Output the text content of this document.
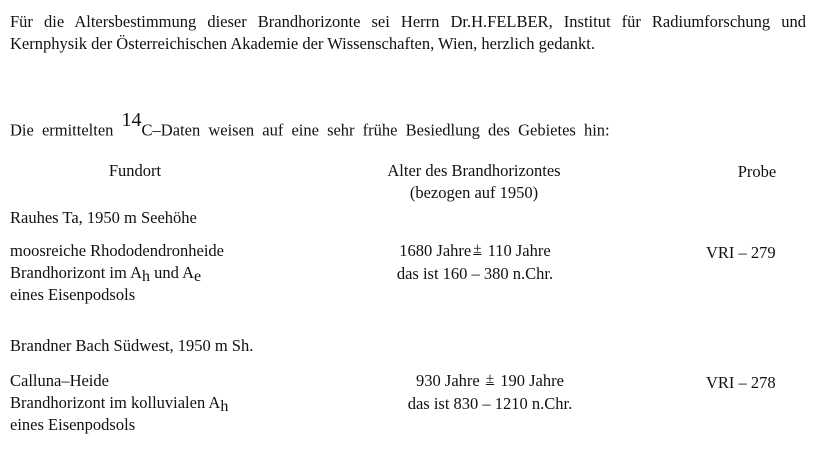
Für die Altersbestimmung dieser Brandhorizonte sei Herrn Dr.H.FELBER, Institut für Radiumforschung und Kernphysik der Österreichischen Akademie der Wissenschaften, Wien, herzlich gedankt.

Die ermittelten $^{14}$C–Daten weisen auf eine sehr frühe Besiedlung des Gebietes hin:
Fundort	Alter des Brandhorizontes
(bezogen auf 1950)
Probe
Rauhes Ta, 1950 m Seehöhe
moosreiche Rhododendronheide
Brandhorizont im $A_h$ und $A_e$
eines Eisenpodsols
1680 Jahre ± 110 Jahre
das ist 160 – 380 n.Chr.
VRI – 279
Brandner Bach Südwest, 1950 m Sh.
Calluna–Heide
Brandhorizont im kolluvialen $A_h$
eines Eisenpodsols
930 Jahre ± 190 Jahre
das ist 830 – 1210 n.Chr.
VRI – 278
